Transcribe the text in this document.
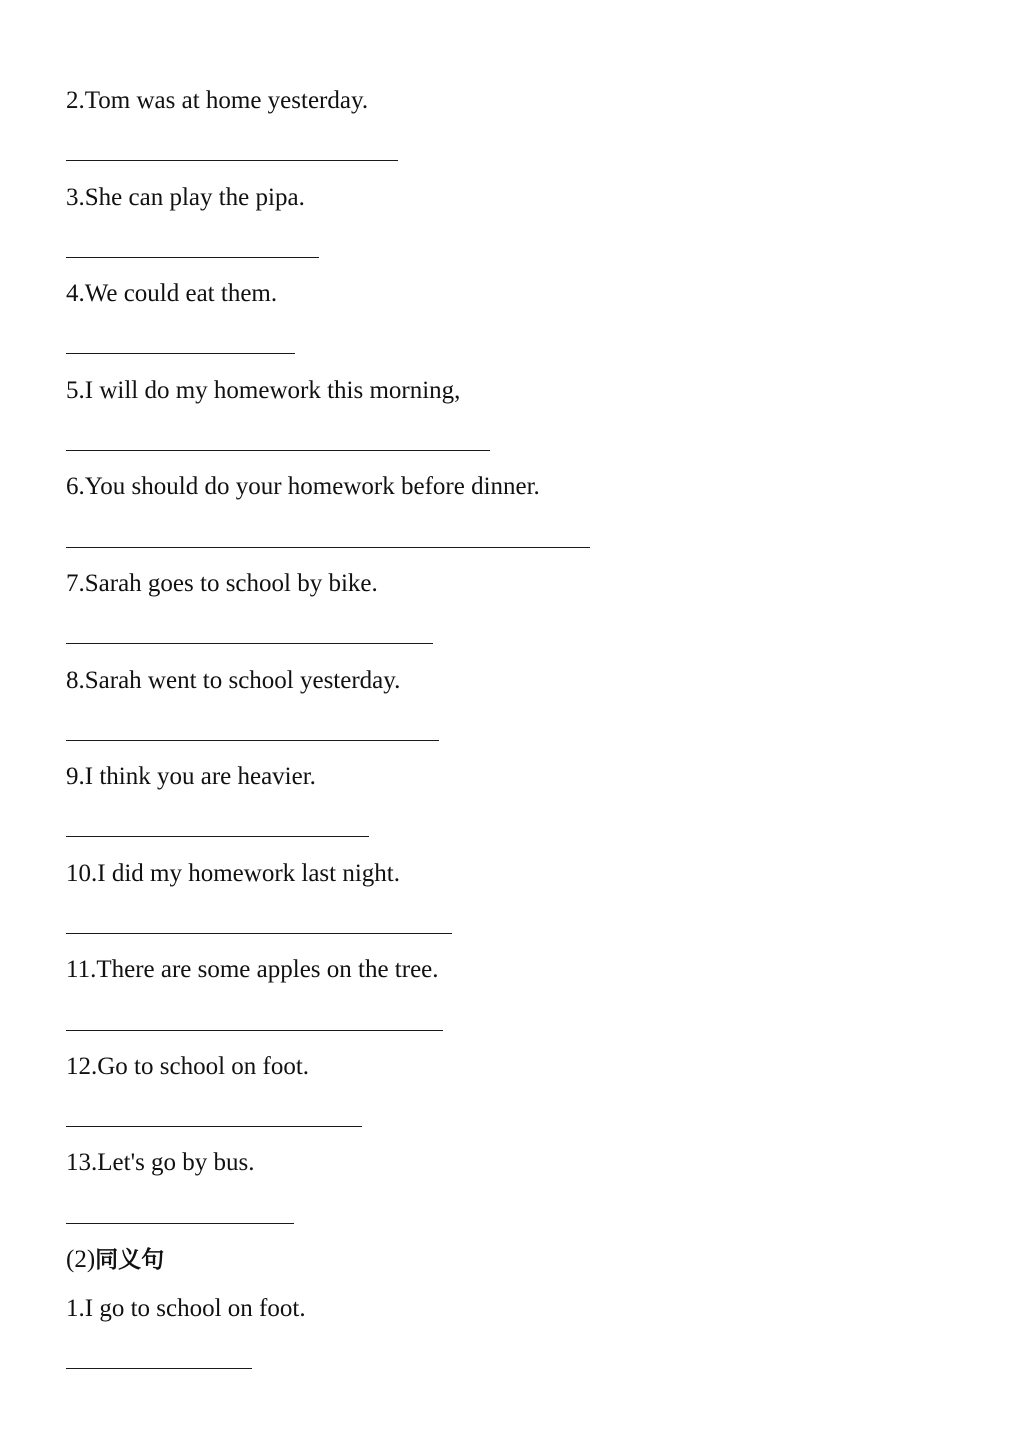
2.Tom was at home yesterday.
3.She can play the pipa.
4.We could eat them.
5.I will do my homework this morning,
6.You should do your homework before dinner.
7.Sarah goes to school by bike.
8.Sarah went to school yesterday.
9.I think you are heavier.
10.I did my homework last night.
11.There are some apples on the tree.
12.Go to school on foot.
13.Let's go by bus.
(2)同义句
1.I go to school on foot.
